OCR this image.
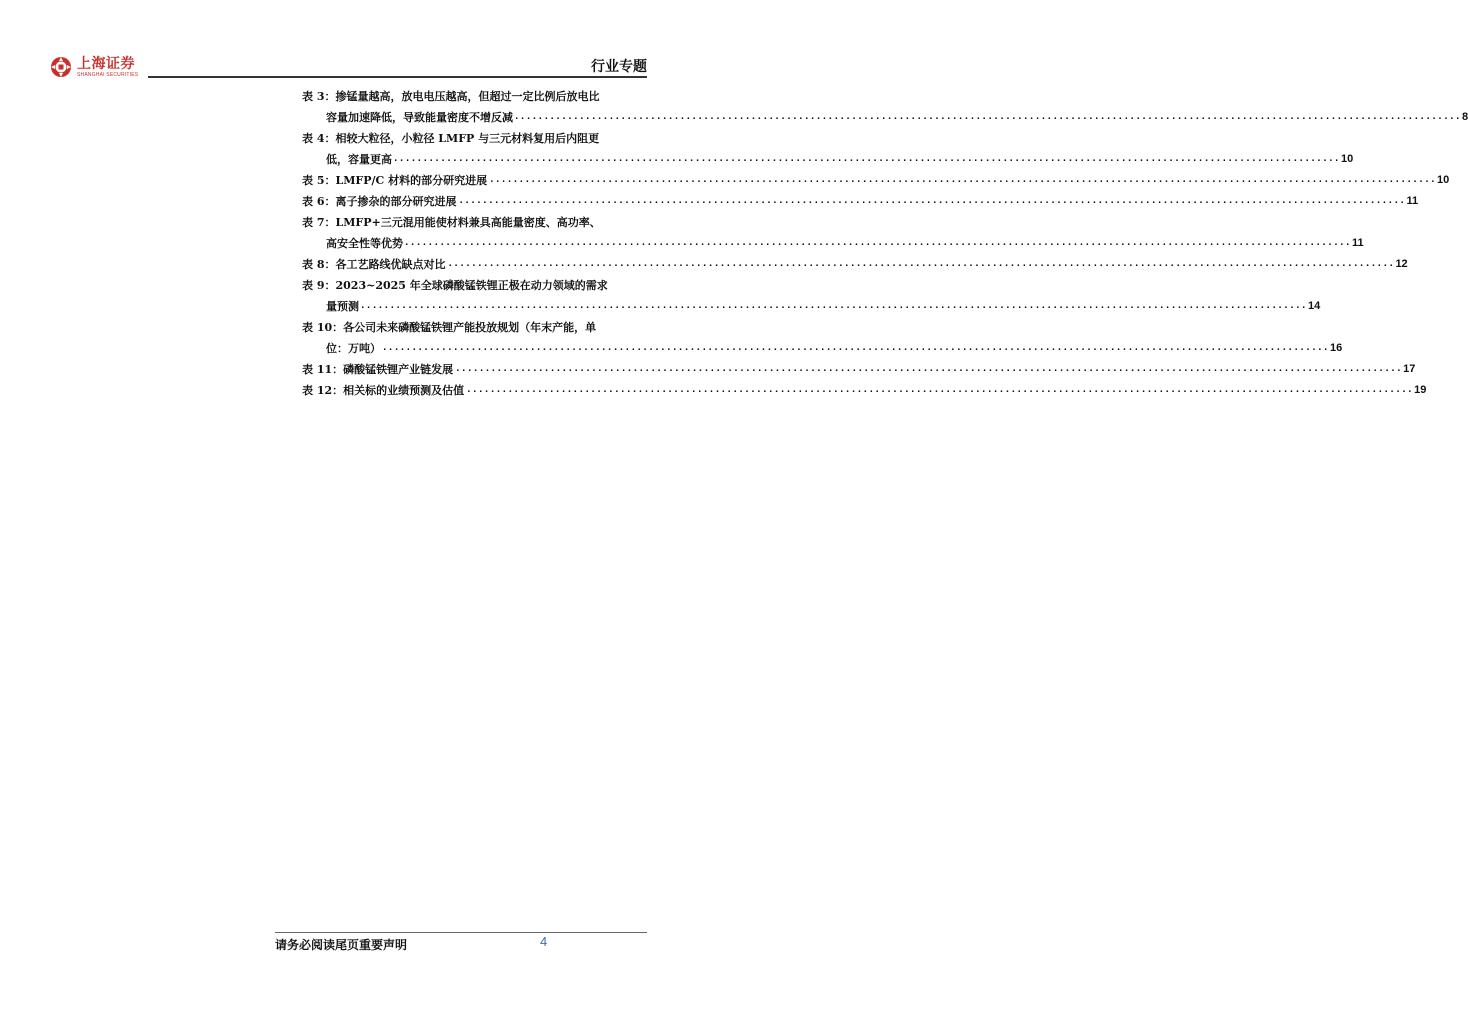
上海证券
SHANGHAI SECURITIES	行业专题
表 3：掺锰量越高，放电电压越高，但超过一定比例后放电比
容量加速降低，导致能量密度不增反减 ................................................................................................................................................................ 8
表 4：相较大粒径，小粒径 LMFP 与三元材料复用后内阻更
低，容量更高 ................................................................................................................................................................ 10
表 5：LMFP/C 材料的部分研究进展 ................................................................................................................................................................ 10
表 6：离子掺杂的部分研究进展 ................................................................................................................................................................ 11
表 7：LMFP+三元混用能使材料兼具高能量密度、高功率、
高安全性等优势 ................................................................................................................................................................ 11
表 8：各工艺路线优缺点对比 ................................................................................................................................................................ 12
表 9：2023~2025 年全球磷酸锰铁锂正极在动力领域的需求
量预测 ................................................................................................................................................................ 14
表 10：各公司未来磷酸锰铁锂产能投放规划（年末产能，单
位：万吨） ................................................................................................................................................................ 16
表 11：磷酸锰铁锂产业链发展 ................................................................................................................................................................ 17
表 12：相关标的业绩预测及估值 ................................................................................................................................................................ 19
请务必阅读尾页重要声明	4
